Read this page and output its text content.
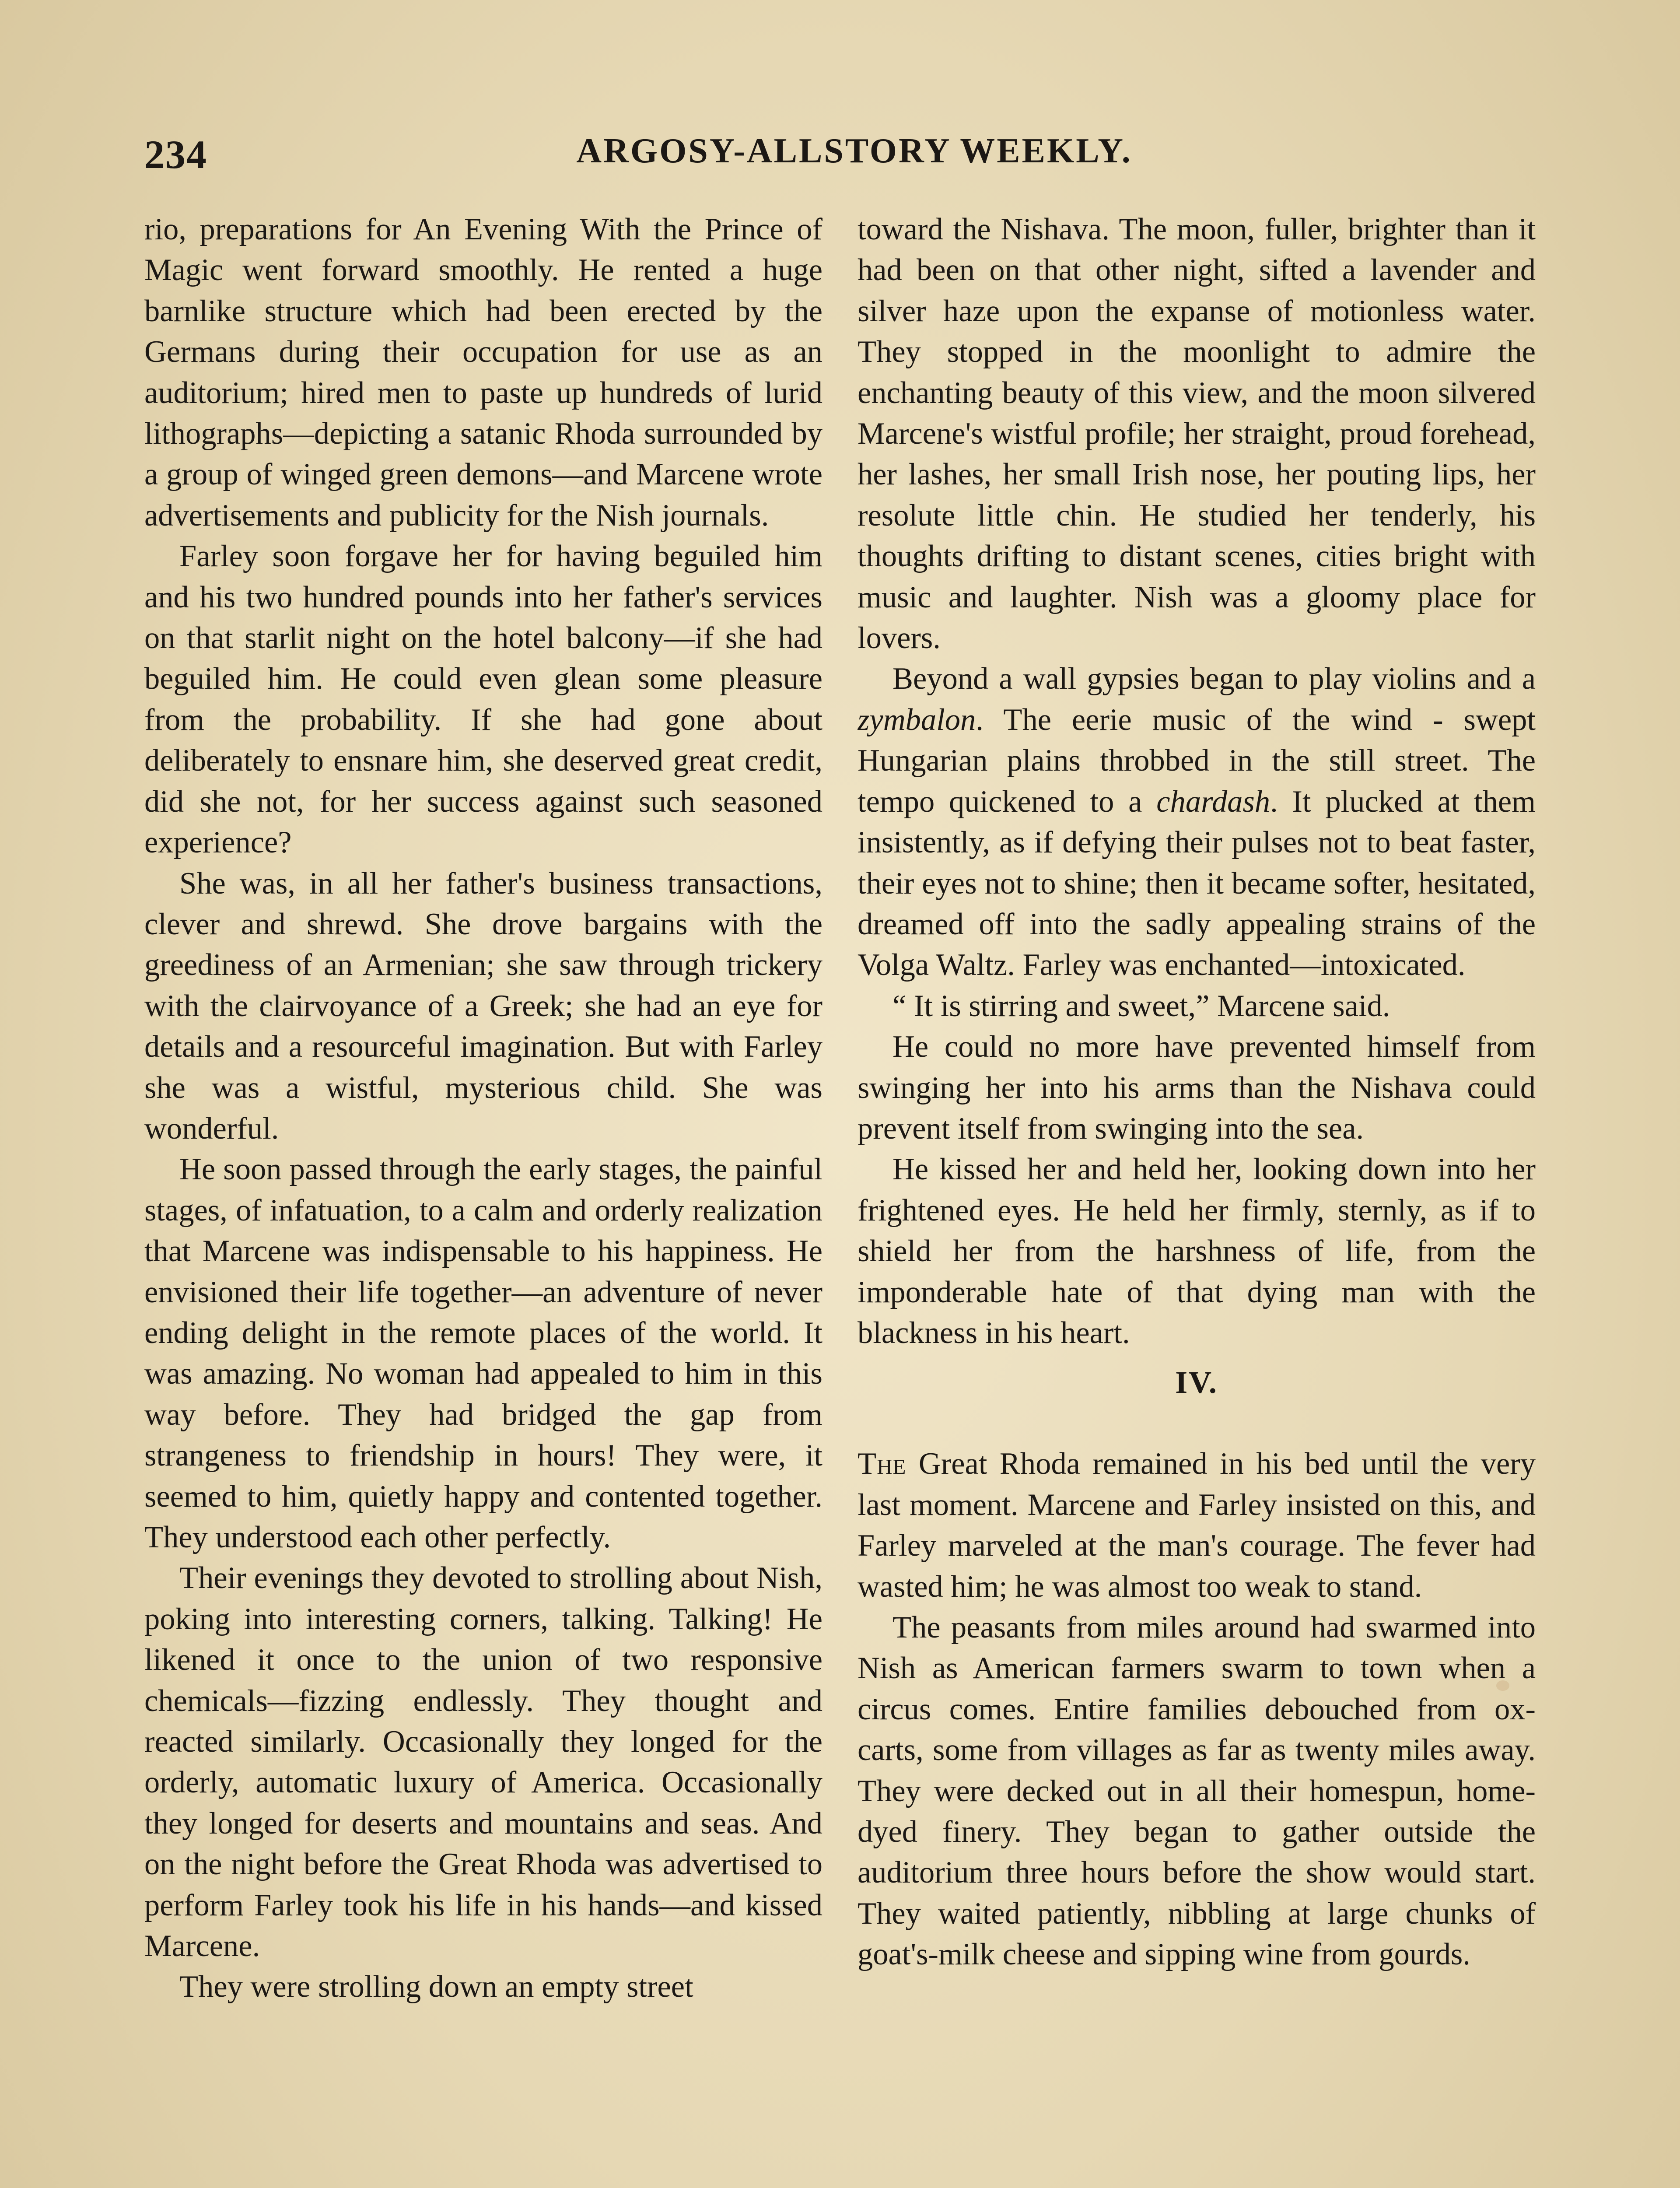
234	ARGOSY-ALLSTORY WEEKLY.

rio, preparations for An Evening With the Prince of Magic went forward smoothly. He rented a huge barnlike structure which had been erected by the Germans during their occupation for use as an auditorium; hired men to paste up hundreds of lurid lithographs—depicting a satanic Rhoda surrounded by a group of winged green demons—and Marcene wrote advertisements and publicity for the Nish journals.

Farley soon forgave her for having beguiled him and his two hundred pounds into her father's services on that starlit night on the hotel balcony—if she had beguiled him. He could even glean some pleasure from the probability. If she had gone about deliberately to ensnare him, she deserved great credit, did she not, for her success against such seasoned experience?

She was, in all her father's business transactions, clever and shrewd. She drove bargains with the greediness of an Armenian; she saw through trickery with the clairvoyance of a Greek; she had an eye for details and a resourceful imagination. But with Farley she was a wistful, mysterious child. She was wonderful.

He soon passed through the early stages, the painful stages, of infatuation, to a calm and orderly realization that Marcene was indispensable to his happiness. He envisioned their life together—an adventure of never ending delight in the remote places of the world. It was amazing. No woman had appealed to him in this way before. They had bridged the gap from strangeness to friendship in hours! They were, it seemed to him, quietly happy and contented together. They understood each other perfectly.

Their evenings they devoted to strolling about Nish, poking into interesting corners, talking. Talking! He likened it once to the union of two responsive chemicals—fizzing endlessly. They thought and reacted similarly. Occasionally they longed for the orderly, automatic luxury of America. Occasionally they longed for deserts and mountains and seas. And on the night before the Great Rhoda was advertised to perform Farley took his life in his hands—and kissed Marcene.

They were strolling down an empty street

toward the Nishava. The moon, fuller, brighter than it had been on that other night, sifted a lavender and silver haze upon the expanse of motionless water. They stopped in the moonlight to admire the enchanting beauty of this view, and the moon silvered Marcene's wistful profile; her straight, proud forehead, her lashes, her small Irish nose, her pouting lips, her resolute little chin. He studied her tenderly, his thoughts drifting to distant scenes, cities bright with music and laughter. Nish was a gloomy place for lovers.

Beyond a wall gypsies began to play violins and a zymbalon. The eerie music of the wind - swept Hungarian plains throbbed in the still street. The tempo quickened to a chardash. It plucked at them insistently, as if defying their pulses not to beat faster, their eyes not to shine; then it became softer, hesitated, dreamed off into the sadly appealing strains of the Volga Waltz. Farley was enchanted—intoxicated.

“ It is stirring and sweet,” Marcene said.

He could no more have prevented himself from swinging her into his arms than the Nishava could prevent itself from swinging into the sea.

He kissed her and held her, looking down into her frightened eyes. He held her firmly, sternly, as if to shield her from the harshness of life, from the imponderable hate of that dying man with the blackness in his heart.

IV.

The Great Rhoda remained in his bed until the very last moment. Marcene and Farley insisted on this, and Farley marveled at the man's courage. The fever had wasted him; he was almost too weak to stand.

The peasants from miles around had swarmed into Nish as American farmers swarm to town when a circus comes. Entire families debouched from ox-carts, some from villages as far as twenty miles away. They were decked out in all their homespun, home-dyed finery. They began to gather outside the auditorium three hours before the show would start. They waited patiently, nibbling at large chunks of goat's-milk cheese and sipping wine from gourds.
